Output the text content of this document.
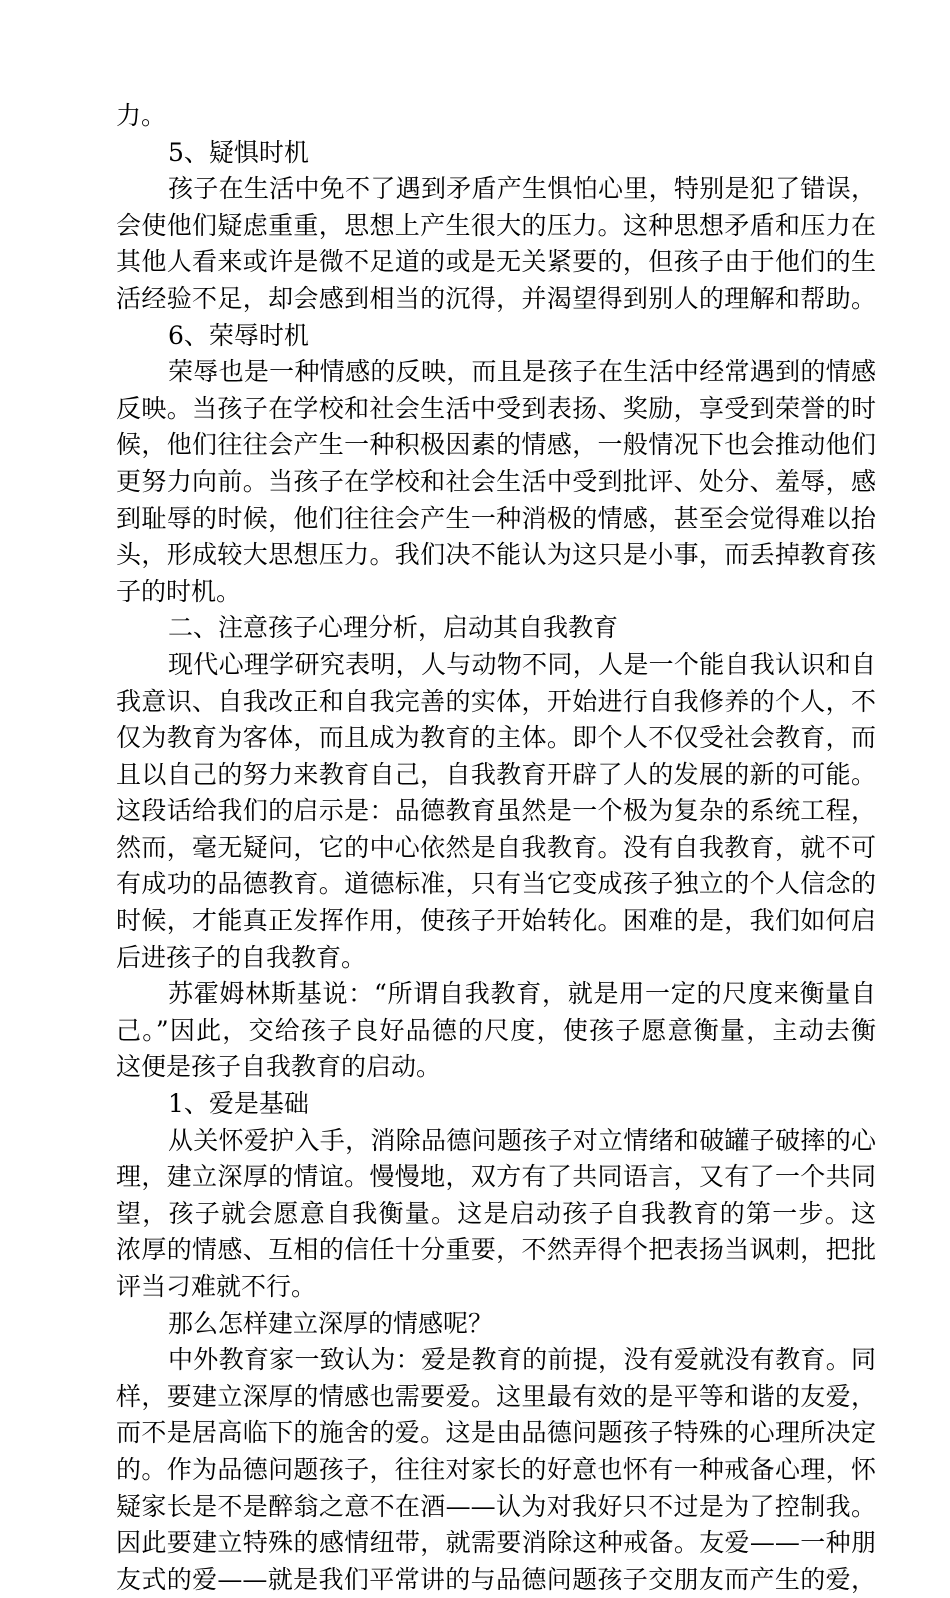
力。
5、疑惧时机
孩子在生活中免不了遇到矛盾产生惧怕心里，特别是犯了错误，
会使他们疑虑重重，思想上产生很大的压力。这种思想矛盾和压力在
其他人看来或许是微不足道的或是无关紧要的，但孩子由于他们的生
活经验不足，却会感到相当的沉得，并渴望得到别人的理解和帮助。
6、荣辱时机
荣辱也是一种情感的反映，而且是孩子在生活中经常遇到的情感
反映。当孩子在学校和社会生活中受到表扬、奖励，享受到荣誉的时
候，他们往往会产生一种积极因素的情感，一般情况下也会推动他们
更努力向前。当孩子在学校和社会生活中受到批评、处分、羞辱，感
到耻辱的时候，他们往往会产生一种消极的情感，甚至会觉得难以抬
头，形成较大思想压力。我们决不能认为这只是小事，而丢掉教育孩
子的时机。
二、注意孩子心理分析，启动其自我教育
现代心理学研究表明，人与动物不同，人是一个能自我认识和自
我意识、自我改正和自我完善的实体，开始进行自我修养的个人，不
仅为教育为客体，而且成为教育的主体。即个人不仅受社会教育，而
且以自己的努力来教育自己，自我教育开辟了人的发展的新的可能。
这段话给我们的启示是：品德教育虽然是一个极为复杂的系统工程，
然而，毫无疑问，它的中心依然是自我教育。没有自我教育，就不可
有成功的品德教育。道德标准，只有当它变成孩子独立的个人信念的
时候，才能真正发挥作用，使孩子开始转化。困难的是，我们如何启
后进孩子的自我教育。
苏霍姆林斯基说：“所谓自我教育，就是用一定的尺度来衡量自
己。”因此，交给孩子良好品德的尺度，使孩子愿意衡量，主动去衡
这便是孩子自我教育的启动。
1、爱是基础
从关怀爱护入手，消除品德问题孩子对立情绪和破罐子破摔的心
理，建立深厚的情谊。慢慢地，双方有了共同语言，又有了一个共同
望，孩子就会愿意自我衡量。这是启动孩子自我教育的第一步。这
浓厚的情感、互相的信任十分重要，不然弄得个把表扬当讽刺，把批
评当刁难就不行。
那么怎样建立深厚的情感呢？
中外教育家一致认为：爱是教育的前提，没有爱就没有教育。同
样，要建立深厚的情感也需要爱。这里最有效的是平等和谐的友爱，
而不是居高临下的施舍的爱。这是由品德问题孩子特殊的心理所决定
的。作为品德问题孩子，往往对家长的好意也怀有一种戒备心理，怀
疑家长是不是醉翁之意不在酒——认为对我好只不过是为了控制我。
因此要建立特殊的感情纽带，就需要消除这种戒备。友爱——一种朋
友式的爱——就是我们平常讲的与品德问题孩子交朋友而产生的爱，
